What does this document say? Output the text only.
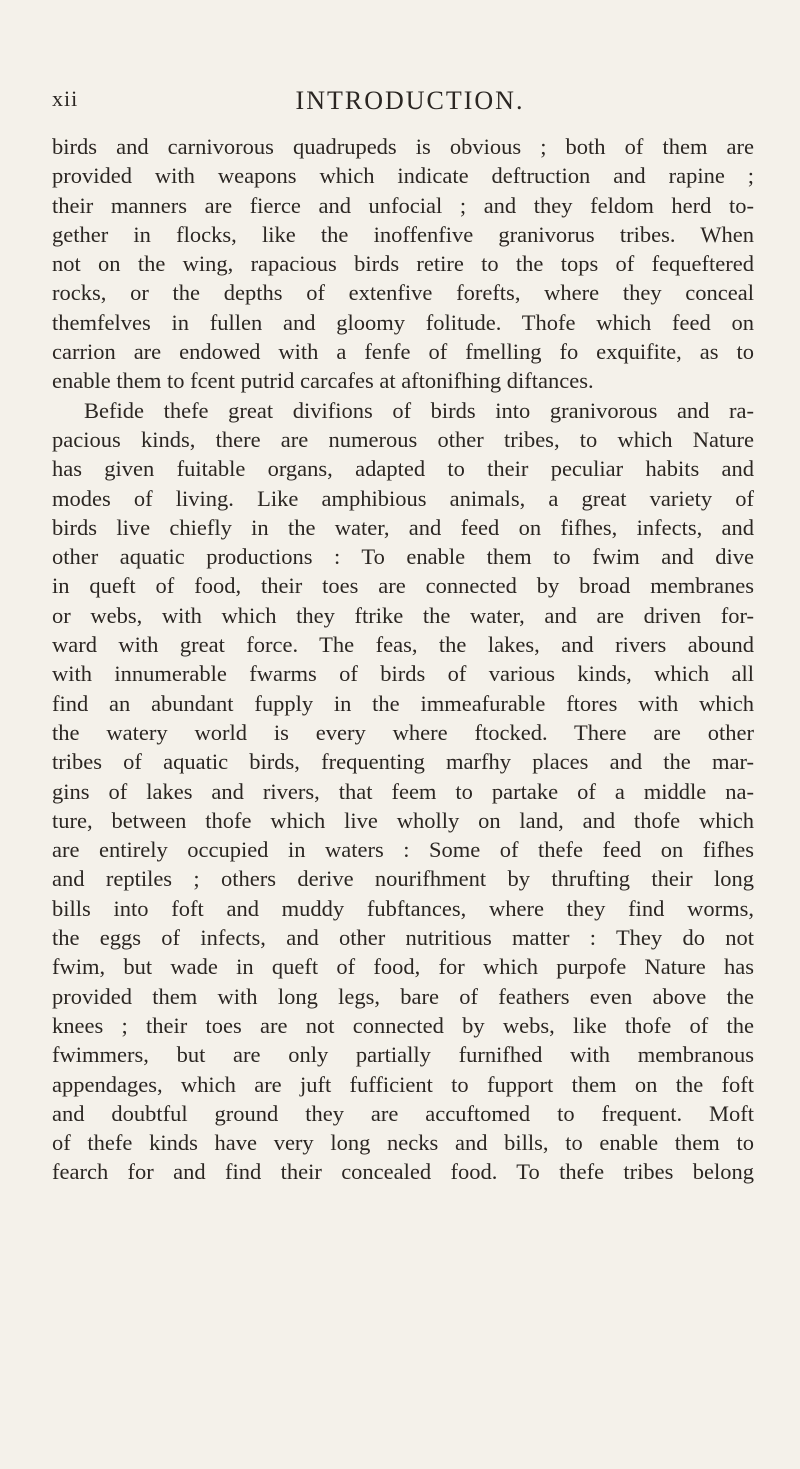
xii	INTRODUCTION.
birds and carnivorous quadrupeds is obvious ; both of them are
provided with weapons which indicate deftruction and rapine ;
their manners are fierce and unfocial ; and they feldom herd to-
gether in flocks, like the inoffenfive granivorus tribes. When
not on the wing, rapacious birds retire to the tops of fequeftered
rocks, or the depths of extenfive forefts, where they conceal
themfelves in fullen and gloomy folitude. Thofe which feed on
carrion are endowed with a fenfe of fmelling fo exquifite, as to
enable them to fcent putrid carcafes at aftonifhing diftances.
Befide thefe great divifions of birds into granivorous and ra-
pacious kinds, there are numerous other tribes, to which Nature
has given fuitable organs, adapted to their peculiar habits and
modes of living. Like amphibious animals, a great variety of
birds live chiefly in the water, and feed on fifhes, infects, and
other aquatic productions : To enable them to fwim and dive
in queft of food, their toes are connected by broad membranes
or webs, with which they ftrike the water, and are driven for-
ward with great force. The feas, the lakes, and rivers abound
with innumerable fwarms of birds of various kinds, which all
find an abundant fupply in the immeafurable ftores with which
the watery world is every where ftocked. There are other
tribes of aquatic birds, frequenting marfhy places and the mar-
gins of lakes and rivers, that feem to partake of a middle na-
ture, between thofe which live wholly on land, and thofe which
are entirely occupied in waters : Some of thefe feed on fifhes
and reptiles ; others derive nourifhment by thrufting their long
bills into foft and muddy fubftances, where they find worms,
the eggs of infects, and other nutritious matter : They do not
fwim, but wade in queft of food, for which purpofe Nature has
provided them with long legs, bare of feathers even above the
knees ; their toes are not connected by webs, like thofe of the
fwimmers, but are only partially furnifhed with membranous
appendages, which are juft fufficient to fupport them on the foft
and doubtful ground they are accuftomed to frequent. Moft
of thefe kinds have very long necks and bills, to enable them to
fearch for and find their concealed food. To thefe tribes belong
